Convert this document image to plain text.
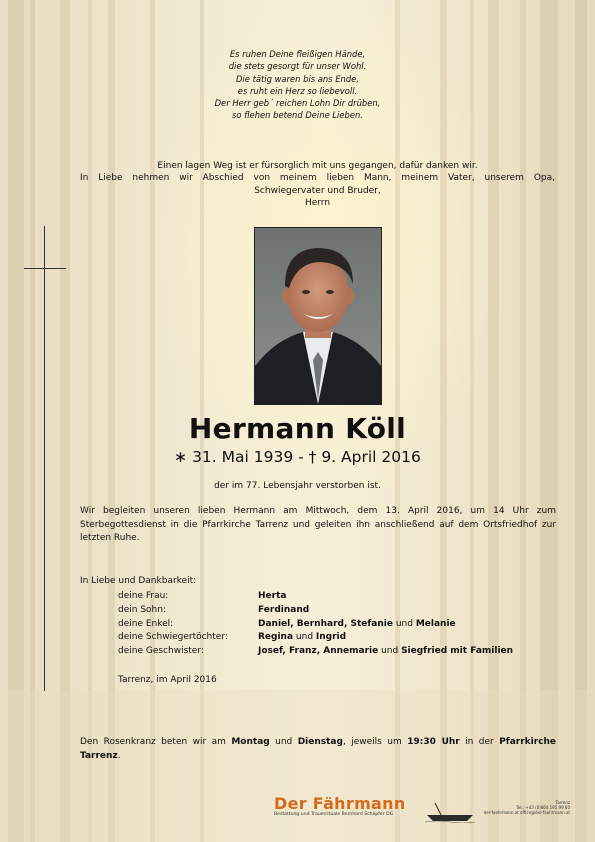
Es ruhen Deine fleißigen Hände,
die stets gesorgt für unser Wohl.
Die tätig waren bis ans Ende,
es ruht ein Herz so liebevoll.
Der Herr geb´ reichen Lohn Dir drüben,
so flehen betend Deine Lieben.
Einen lagen Weg ist er fürsorglich mit uns gegangen, dafür danken wir.
In Liebe nehmen wir Abschied von meinem lieben Mann, meinem Vater, unserem Opa,
Schwiegervater und Bruder,
Herrn
Hermann Köll
∗ 31. Mai 1939 - † 9. April 2016
der im 77. Lebensjahr verstorben ist.
Wir begleiten unseren lieben Hermann am Mittwoch, dem 13. April 2016, um 14 Uhr zum Sterbegottesdienst in die Pfarrkirche Tarrenz und geleiten ihn anschließend auf dem Ortsfriedhof zur letzten Ruhe.
In Liebe und Dankbarkeit:
deine Frau:	Herta
dein Sohn:	Ferdinand
deine Enkel:	Daniel, Bernhard, Stefanie und Melanie
deine Schwiegertöchter:	Regina und Ingrid
deine Geschwister:	Josef, Franz, Annemarie und Siegfried mit Familien
Tarrenz, im April 2016
Den Rosenkranz beten wir am Montag und Dienstag, jeweils um 19:30 Uhr in der Pfarrkirche Tarrenz.
Der Fährmann
Bestattung und Trauerrituale Bernhard Schöpfer OG
Tarrenz
Tel.: +43 (0)664 195 99 60
der-faehrmann.at office@der-faehrmann.at
